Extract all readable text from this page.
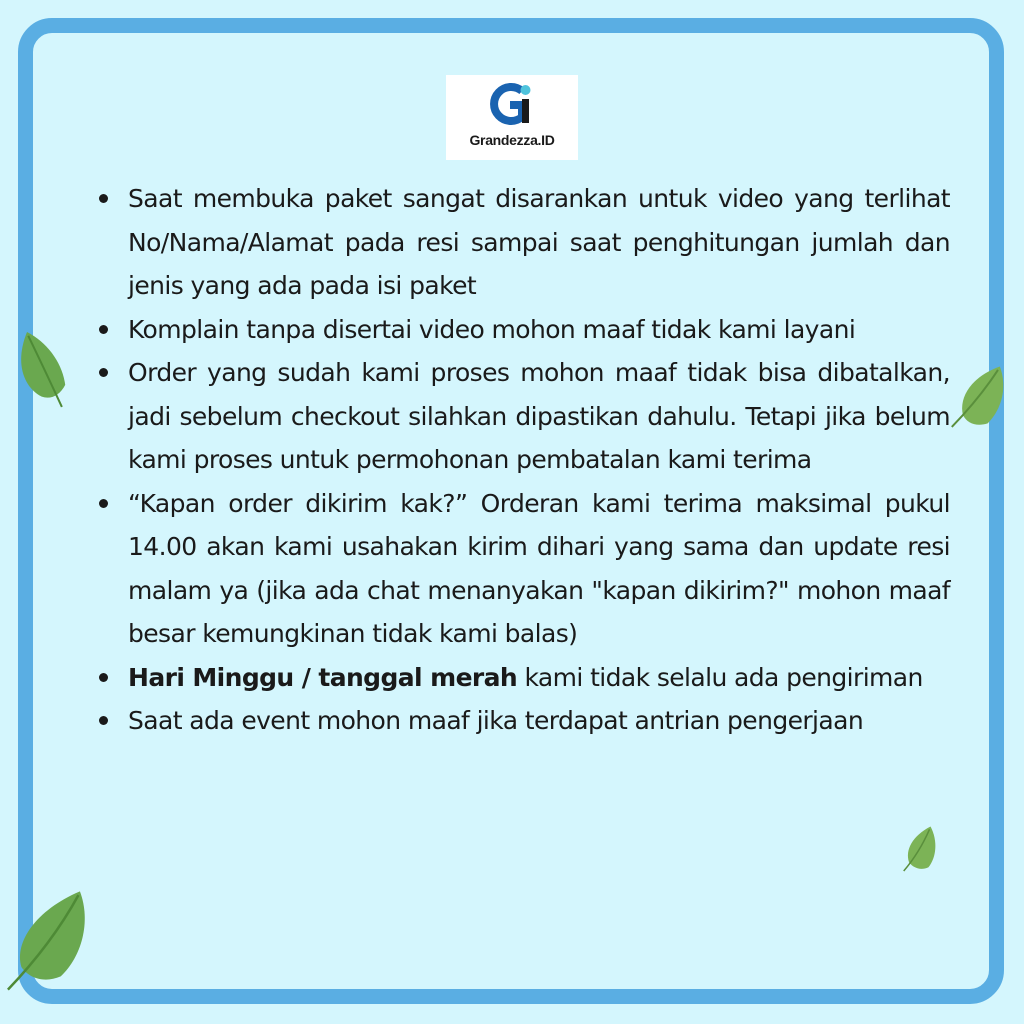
Grandezza.ID
Saat membuka paket sangat disarankan untuk video yang terlihat No/Nama/Alamat pada resi sampai saat penghitungan jumlah dan jenis yang ada pada isi paket
Komplain tanpa disertai video mohon maaf tidak kami layani
Order yang sudah kami proses mohon maaf tidak bisa dibatalkan, jadi sebelum checkout silahkan dipastikan dahulu. Tetapi jika belum kami proses untuk permohonan pembatalan kami terima
“Kapan order dikirim kak?” Orderan kami terima maksimal pukul 14.00 akan kami usahakan kirim dihari yang sama dan update resi malam ya (jika ada chat menanyakan "kapan dikirim?" mohon maaf besar kemungkinan tidak kami balas)
Hari Minggu / tanggal merah kami tidak selalu ada pengiriman
Saat ada event mohon maaf jika terdapat antrian pengerjaan
